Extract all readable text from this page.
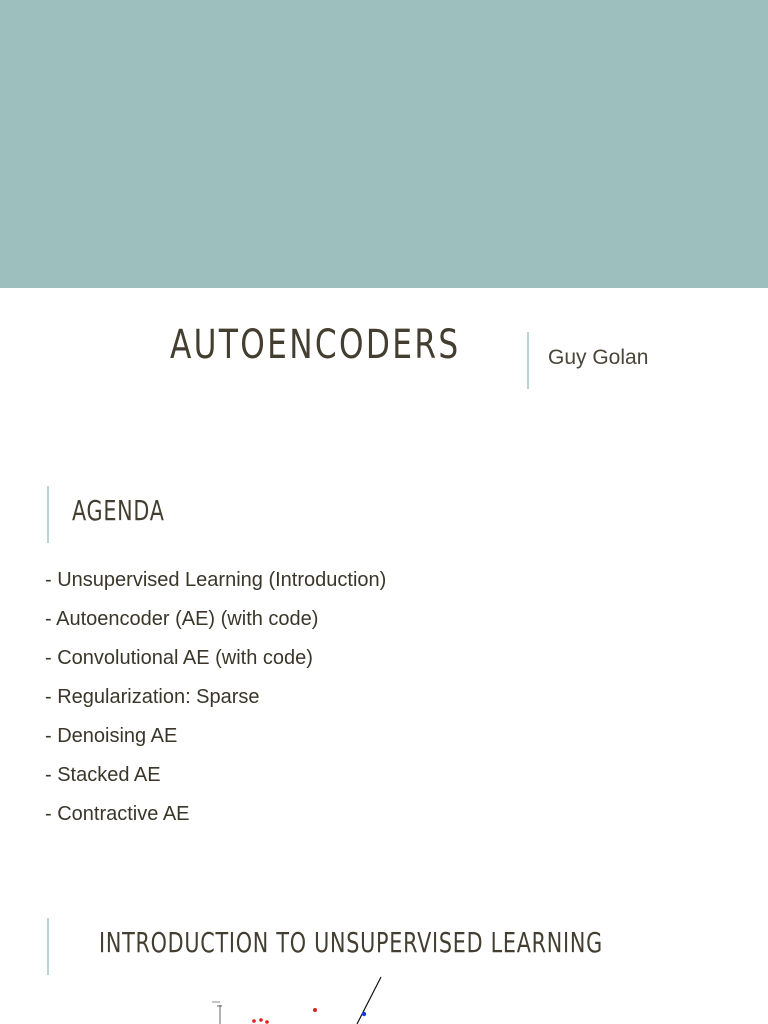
AUTOENCODERS	Guy Golan
AGENDA
- Unsupervised Learning (Introduction)
- Autoencoder (AE) (with code)
- Convolutional AE (with code)
- Regularization: Sparse
- Denoising AE
- Stacked AE
- Contractive AE
INTRODUCTION TO UNSUPERVISED LEARNING
